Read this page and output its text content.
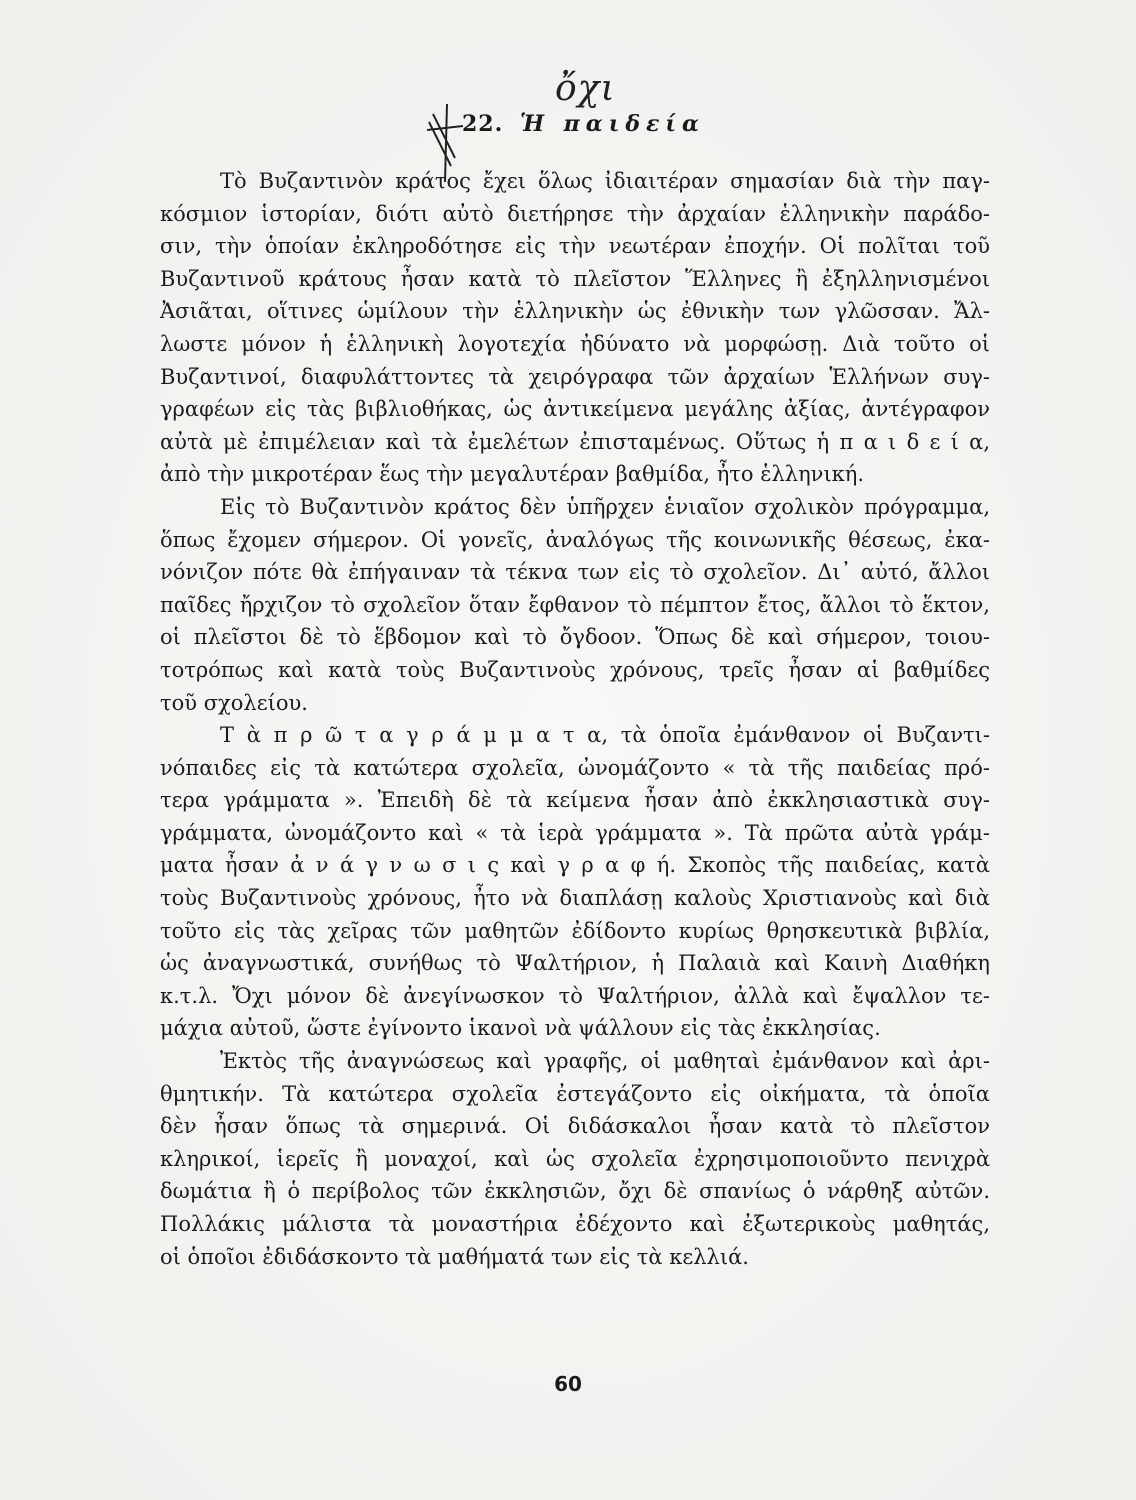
ὄχι
22. Ἡ παιδεία
Τὸ Βυζαντινὸν κράτος ἔχει ὅλως ἰδιαιτέραν σημασίαν διὰ τὴν παγ-
κόσμιον ἱστορίαν, διότι αὐτὸ διετήρησε τὴν ἀρχαίαν ἑλληνικὴν παράδο-
σιν, τὴν ὁποίαν ἐκληροδότησε εἰς τὴν νεωτέραν ἐποχήν. Οἱ πολῖται τοῦ
Βυζαντινοῦ κράτους ἦσαν κατὰ τὸ πλεῖστον Ἕλληνες ἢ ἐξηλληνισμένοι
Ἀσιᾶται, οἵτινες ὡμίλουν τὴν ἑλληνικὴν ὡς ἐθνικὴν των γλῶσσαν. Ἄλ-
λωστε μόνον ἡ ἑλληνικὴ λογοτεχία ἠδύνατο νὰ μορφώσῃ. Διὰ τοῦτο οἱ
Βυζαντινοί, διαφυλάττοντες τὰ χειρόγραφα τῶν ἀρχαίων Ἑλλήνων συγ-
γραφέων εἰς τὰς βιβλιοθήκας, ὡς ἀντικείμενα μεγάλης ἀξίας, ἀντέγραφον
αὐτὰ μὲ ἐπιμέλειαν καὶ τὰ ἐμελέτων ἐπισταμένως. Οὕτως ἡ π α ι δ ε ί α,
ἀπὸ τὴν μικροτέραν ἕως τὴν μεγαλυτέραν βαθμίδα, ἦτο ἑλληνική.
Εἰς τὸ Βυζαντινὸν κράτος δὲν ὑπῆρχεν ἑνιαῖον σχολικὸν πρόγραμμα,
ὅπως ἔχομεν σήμερον. Οἱ γονεῖς, ἀναλόγως τῆς κοινωνικῆς θέσεως, ἐκα-
νόνιζον πότε θὰ ἐπήγαιναν τὰ τέκνα των εἰς τὸ σχολεῖον. Δι᾽ αὐτό, ἄλλοι
παῖδες ἤρχιζον τὸ σχολεῖον ὅταν ἔφθανον τὸ πέμπτον ἔτος, ἄλλοι τὸ ἕκτον,
οἱ πλεῖστοι δὲ τὸ ἕβδομον καὶ τὸ ὄγδοον. Ὅπως δὲ καὶ σήμερον, τοιου-
τοτρόπως καὶ κατὰ τοὺς Βυζαντινοὺς χρόνους, τρεῖς ἦσαν αἱ βαθμίδες
τοῦ σχολείου.
Τ ὰ π ρ ῶ τ α γ ρ ά μ μ α τ α, τὰ ὁποῖα ἐμάνθανον οἱ Βυζαντι-
νόπαιδες εἰς τὰ κατώτερα σχολεῖα, ὠνομάζοντο « τὰ τῆς παιδείας πρό-
τερα γράμματα ». Ἐπειδὴ δὲ τὰ κείμενα ἦσαν ἀπὸ ἐκκλησιαστικὰ συγ-
γράμματα, ὠνομάζοντο καὶ « τὰ ἱερὰ γράμματα ». Τὰ πρῶτα αὐτὰ γράμ-
ματα ἦσαν ἀ ν ά γ ν ω σ ι ς καὶ γ ρ α φ ή. Σκοπὸς τῆς παιδείας, κατὰ
τοὺς Βυζαντινοὺς χρόνους, ἦτο νὰ διαπλάσῃ καλοὺς Χριστιανοὺς καὶ διὰ
τοῦτο εἰς τὰς χεῖρας τῶν μαθητῶν ἐδίδοντο κυρίως θρησκευτικὰ βιβλία,
ὡς ἀναγνωστικά, συνήθως τὸ Ψαλτήριον, ἡ Παλαιὰ καὶ Καινὴ Διαθήκη
κ.τ.λ. Ὄχι μόνον δὲ ἀνεγίνωσκον τὸ Ψαλτήριον, ἀλλὰ καὶ ἔψαλλον τε-
μάχια αὐτοῦ, ὥστε ἐγίνοντο ἱκανοὶ νὰ ψάλλουν εἰς τὰς ἐκκλησίας.
Ἐκτὸς τῆς ἀναγνώσεως καὶ γραφῆς, οἱ μαθηταὶ ἐμάνθανον καὶ ἀρι-
θμητικήν. Τὰ κατώτερα σχολεῖα ἐστεγάζοντο εἰς οἰκήματα, τὰ ὁποῖα
δὲν ἦσαν ὅπως τὰ σημερινά. Οἱ διδάσκαλοι ἦσαν κατὰ τὸ πλεῖστον
κληρικοί, ἱερεῖς ἢ μοναχοί, καὶ ὡς σχολεῖα ἐχρησιμοποιοῦντο πενιχρὰ
δωμάτια ἢ ὁ περίβολος τῶν ἐκκλησιῶν, ὄχι δὲ σπανίως ὁ νάρθηξ αὐτῶν.
Πολλάκις μάλιστα τὰ μοναστήρια ἐδέχοντο καὶ ἐξωτερικοὺς μαθητάς,
οἱ ὁποῖοι ἐδιδάσκοντο τὰ μαθήματά των εἰς τὰ κελλιά.
60
